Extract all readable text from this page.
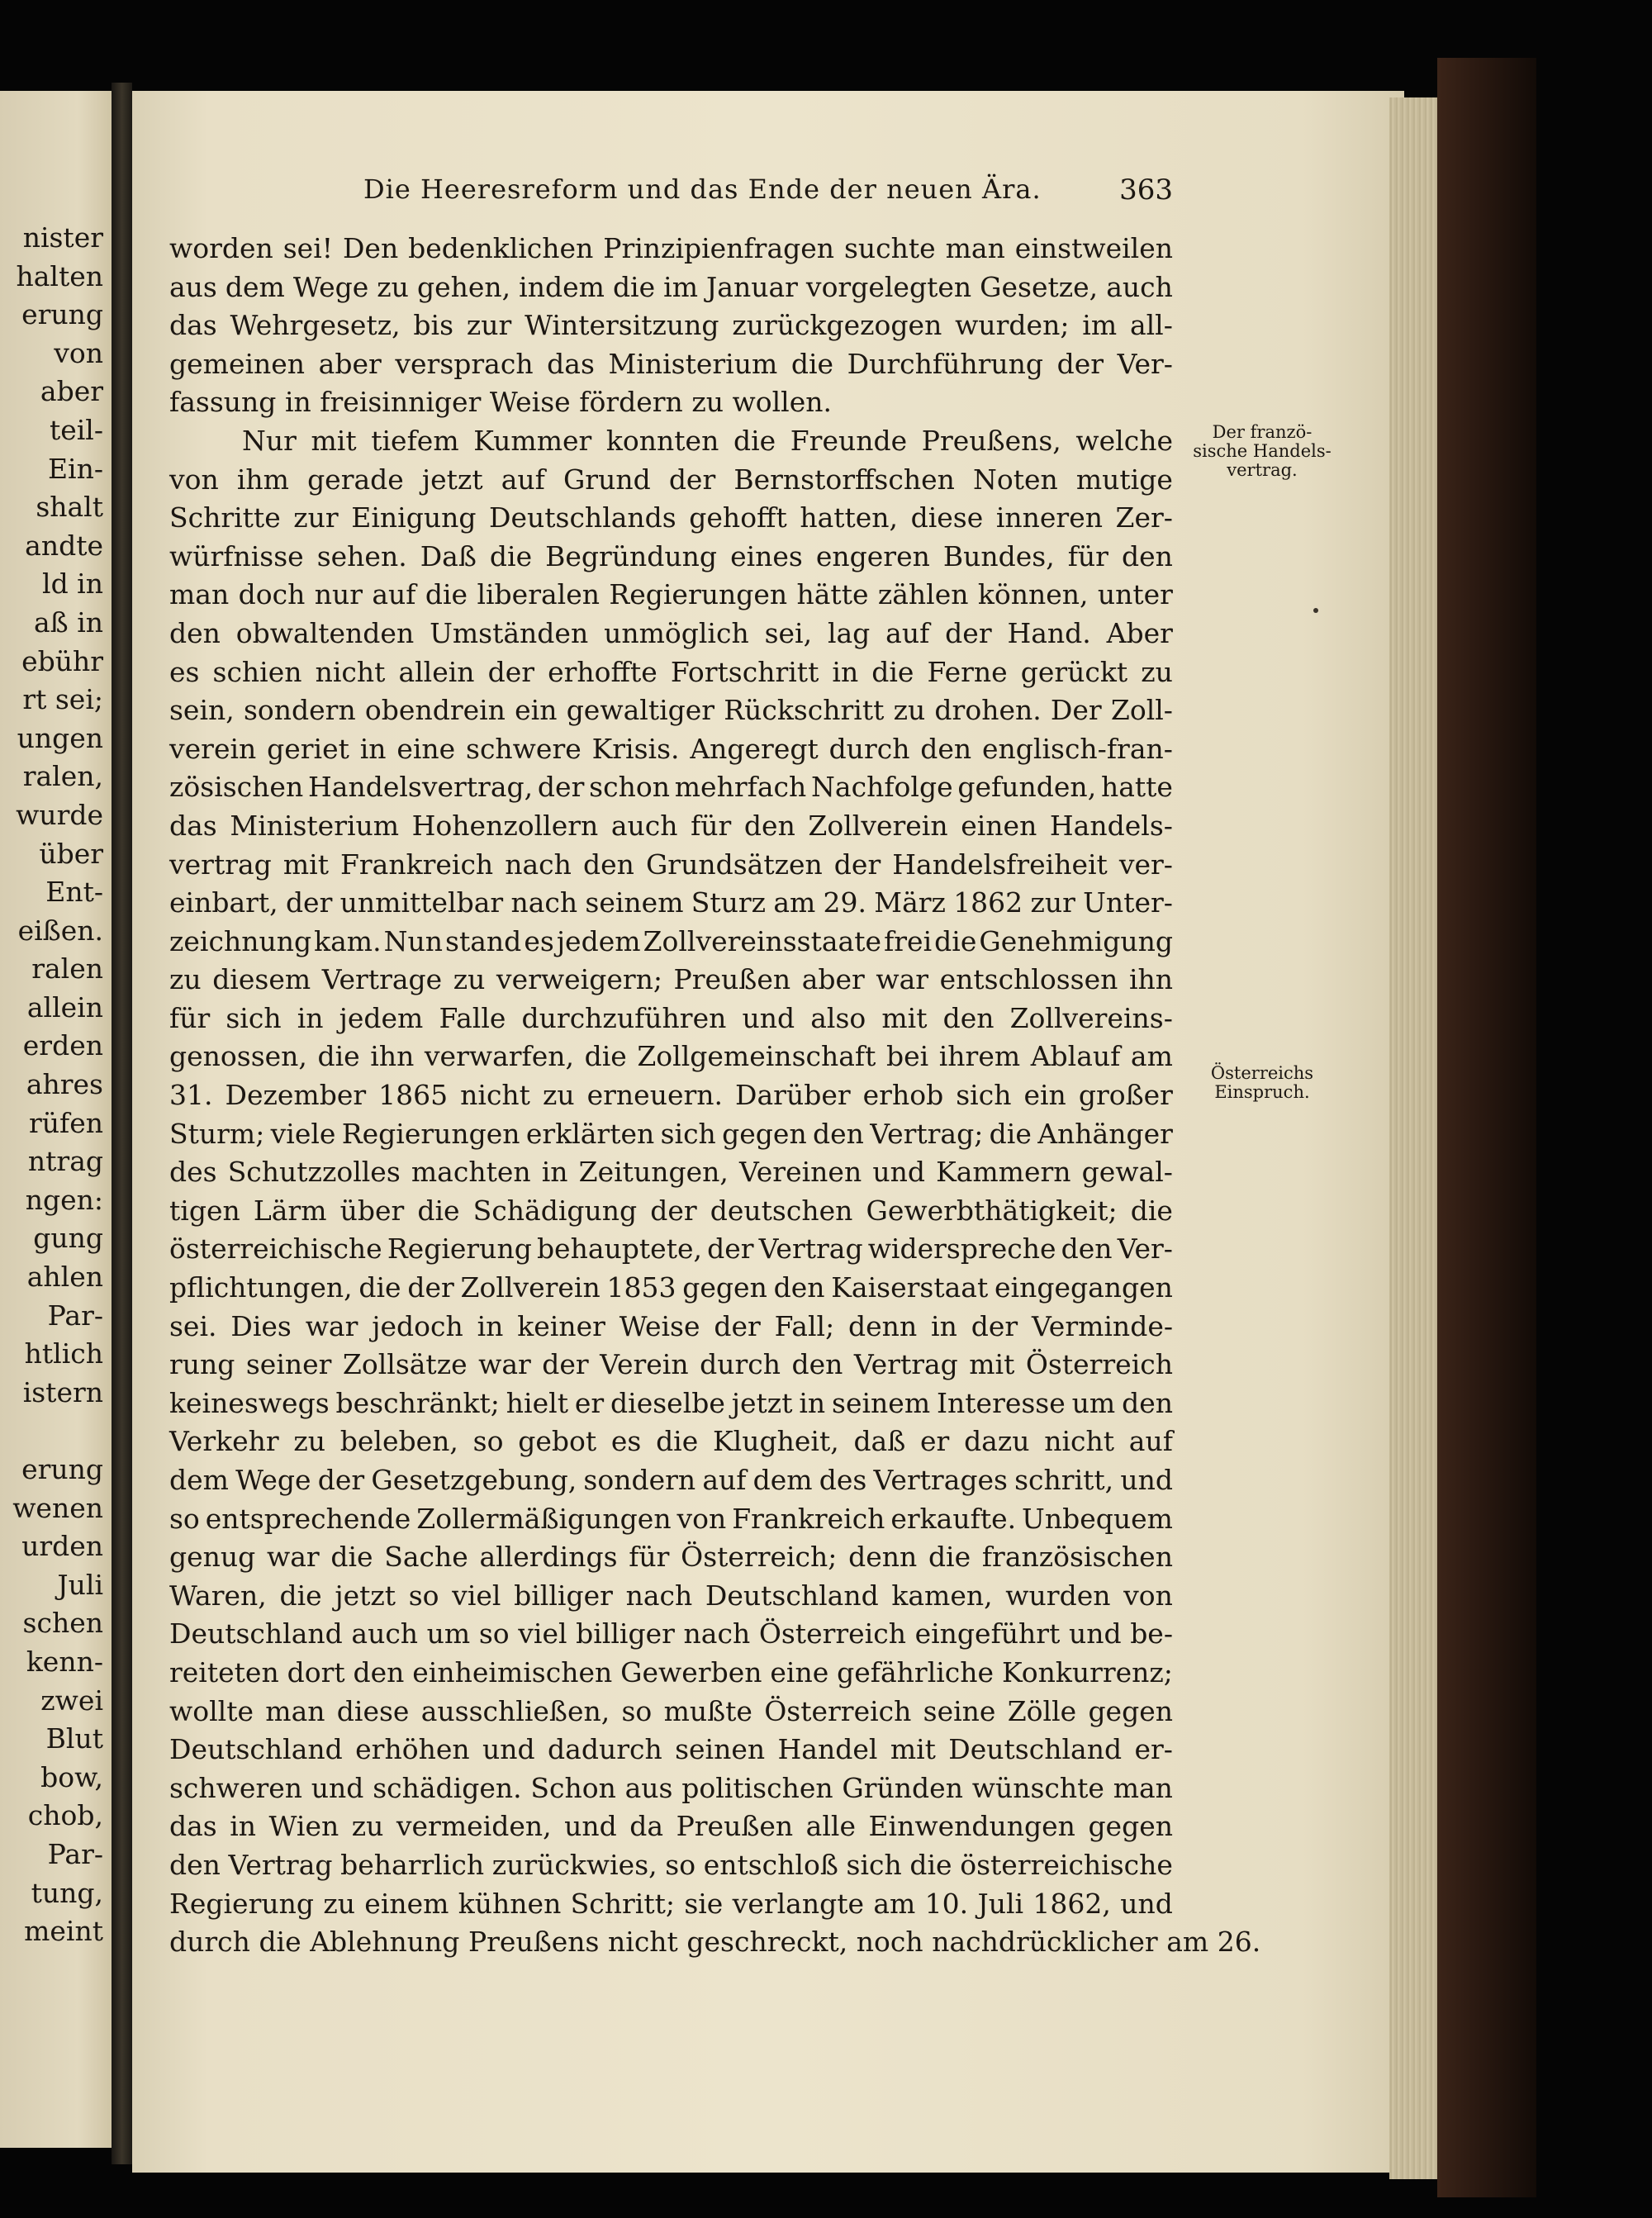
nister
halten
erung
von
aber
teil-
Ein-
shalt
andte
ld in
aß in
ebühr
rt sei;
ungen
ralen,
wurde
über
Ent-
eißen.
ralen
allein
erden
ahres
rüfen
ntrag
ngen:
gung
ahlen
Par-
htlich
istern

erung
wenen
urden
Juli
schen
kenn-
zwei
Blut
bow,
chob,
Par-
tung,
meint
Die Heeresreform und das Ende der neuen Ära.	363
worden sei! Den bedenklichen Prinzipienfragen suchte man einstweilen
aus dem Wege zu gehen, indem die im Januar vorgelegten Gesetze, auch
das Wehrgesetz, bis zur Wintersitzung zurückgezogen wurden; im all-
gemeinen aber versprach das Ministerium die Durchführung der Ver-
fassung in freisinniger Weise fördern zu wollen.
Nur mit tiefem Kummer konnten die Freunde Preußens, welche
von ihm gerade jetzt auf Grund der Bernstorffschen Noten mutige
Schritte zur Einigung Deutschlands gehofft hatten, diese inneren Zer-
würfnisse sehen. Daß die Begründung eines engeren Bundes, für den
man doch nur auf die liberalen Regierungen hätte zählen können, unter
den obwaltenden Umständen unmöglich sei, lag auf der Hand. Aber
es schien nicht allein der erhoffte Fortschritt in die Ferne gerückt zu
sein, sondern obendrein ein gewaltiger Rückschritt zu drohen. Der Zoll-
verein geriet in eine schwere Krisis. Angeregt durch den englisch-fran-
zösischen Handelsvertrag, der schon mehrfach Nachfolge gefunden, hatte
das Ministerium Hohenzollern auch für den Zollverein einen Handels-
vertrag mit Frankreich nach den Grundsätzen der Handelsfreiheit ver-
einbart, der unmittelbar nach seinem Sturz am 29. März 1862 zur Unter-
zeichnung kam. Nun stand es jedem Zollvereinsstaate frei die Genehmigung
zu diesem Vertrage zu verweigern; Preußen aber war entschlossen ihn
für sich in jedem Falle durchzuführen und also mit den Zollvereins-
genossen, die ihn verwarfen, die Zollgemeinschaft bei ihrem Ablauf am
31. Dezember 1865 nicht zu erneuern. Darüber erhob sich ein großer
Sturm; viele Regierungen erklärten sich gegen den Vertrag; die Anhänger
des Schutzzolles machten in Zeitungen, Vereinen und Kammern gewal-
tigen Lärm über die Schädigung der deutschen Gewerbthätigkeit; die
österreichische Regierung behauptete, der Vertrag widerspreche den Ver-
pflichtungen, die der Zollverein 1853 gegen den Kaiserstaat eingegangen
sei. Dies war jedoch in keiner Weise der Fall; denn in der Verminde-
rung seiner Zollsätze war der Verein durch den Vertrag mit Österreich
keineswegs beschränkt; hielt er dieselbe jetzt in seinem Interesse um den
Verkehr zu beleben, so gebot es die Klugheit, daß er dazu nicht auf
dem Wege der Gesetzgebung, sondern auf dem des Vertrages schritt, und
so entsprechende Zollermäßigungen von Frankreich erkaufte. Unbequem
genug war die Sache allerdings für Österreich; denn die französischen
Waren, die jetzt so viel billiger nach Deutschland kamen, wurden von
Deutschland auch um so viel billiger nach Österreich eingeführt und be-
reiteten dort den einheimischen Gewerben eine gefährliche Konkurrenz;
wollte man diese ausschließen, so mußte Österreich seine Zölle gegen
Deutschland erhöhen und dadurch seinen Handel mit Deutschland er-
schweren und schädigen. Schon aus politischen Gründen wünschte man
das in Wien zu vermeiden, und da Preußen alle Einwendungen gegen
den Vertrag beharrlich zurückwies, so entschloß sich die österreichische
Regierung zu einem kühnen Schritt; sie verlangte am 10. Juli 1862, und
durch die Ablehnung Preußens nicht geschreckt, noch nachdrücklicher am 26.
Der franzö-
sische Handels-
vertrag.
Österreichs
Einspruch.
